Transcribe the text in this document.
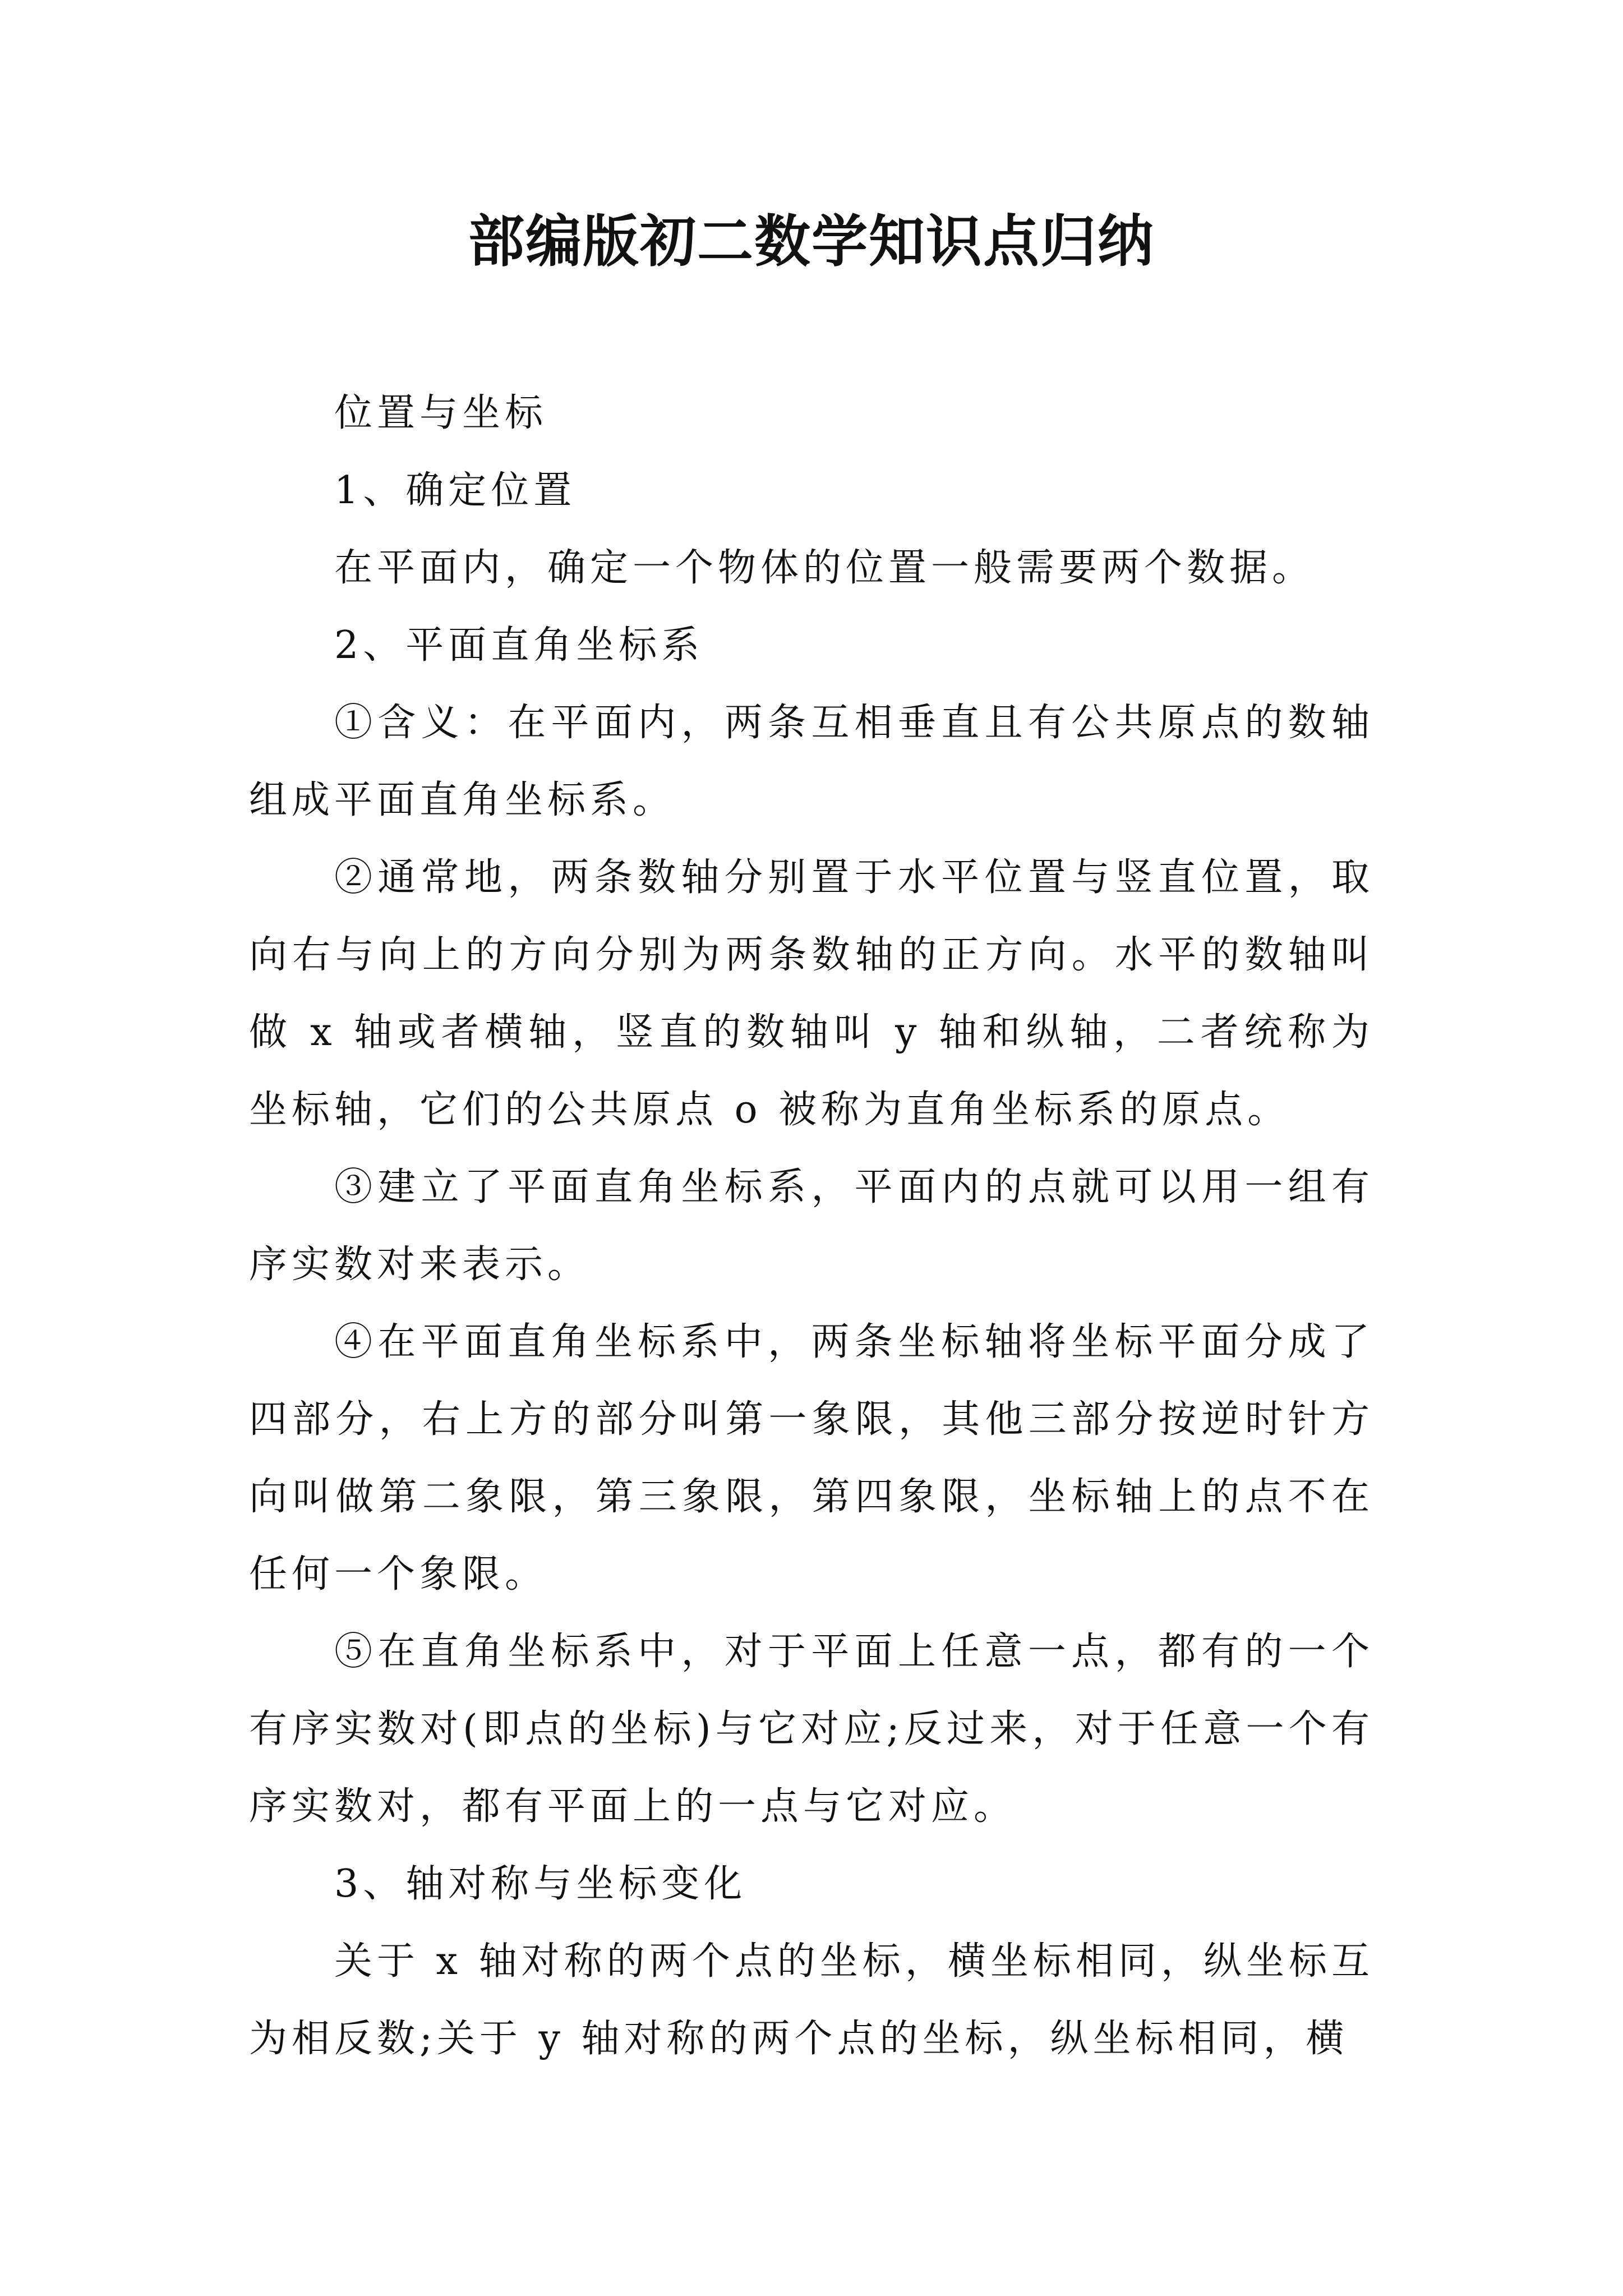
部编版初二数学知识点归纳

位置与坐标

1、确定位置

在平面内，确定一个物体的位置一般需要两个数据。

2、平面直角坐标系

①含义：在平面内，两条互相垂直且有公共原点的数轴组成平面直角坐标系。

②通常地，两条数轴分别置于水平位置与竖直位置，取向右与向上的方向分别为两条数轴的正方向。水平的数轴叫做 x 轴或者横轴，竖直的数轴叫 y 轴和纵轴，二者统称为坐标轴，它们的公共原点 o 被称为直角坐标系的原点。

③建立了平面直角坐标系，平面内的点就可以用一组有序实数对来表示。

④在平面直角坐标系中，两条坐标轴将坐标平面分成了四部分，右上方的部分叫第一象限，其他三部分按逆时针方向叫做第二象限，第三象限，第四象限，坐标轴上的点不在任何一个象限。

⑤在直角坐标系中，对于平面上任意一点，都有的一个有序实数对(即点的坐标)与它对应;反过来，对于任意一个有序实数对，都有平面上的一点与它对应。

3、轴对称与坐标变化

关于 x 轴对称的两个点的坐标，横坐标相同，纵坐标互为相反数;关于 y 轴对称的两个点的坐标，纵坐标相同，横
